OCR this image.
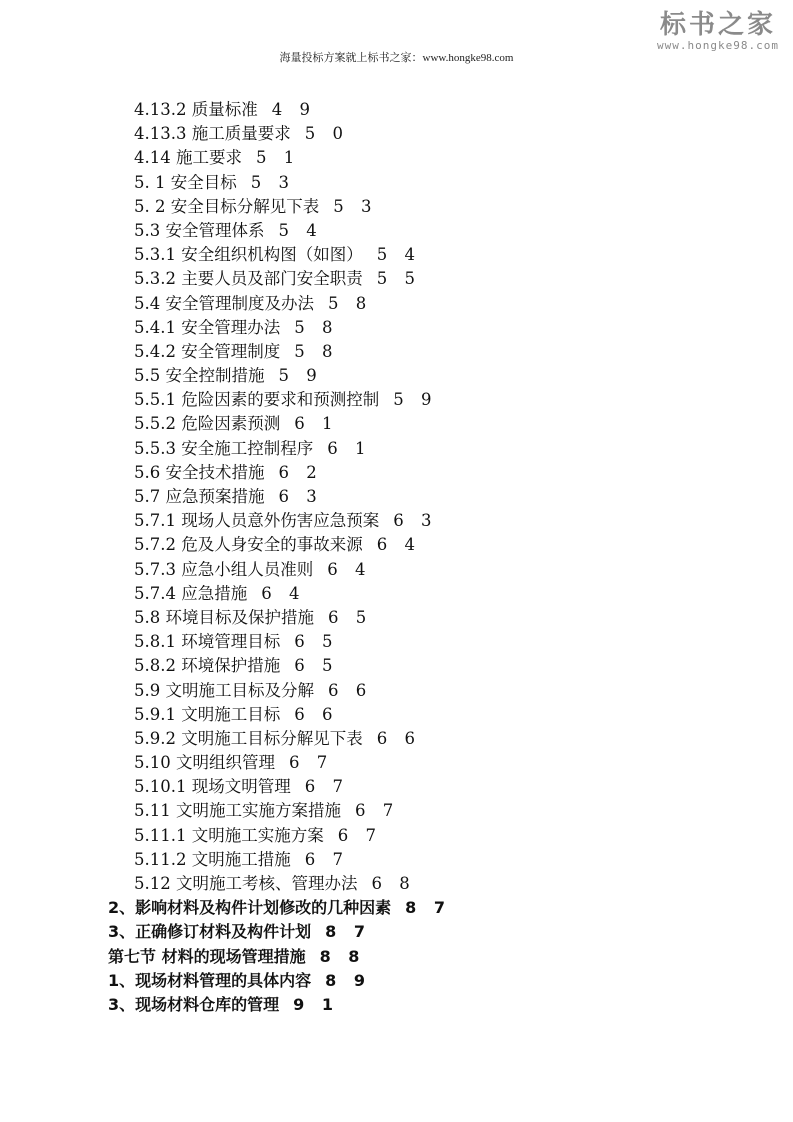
标书之家
www.hongke98.com
海量投标方案就上标书之家：www.hongke98.com
4.13.2 质量标准 4 9
4.13.3 施工质量要求 5 0
4.14 施工要求 5 1
5. 1 安全目标 5 3
5. 2 安全目标分解见下表 5 3
5.3 安全管理体系 5 4
5.3.1 安全组织机构图（如图） 5 4
5.3.2 主要人员及部门安全职责 5 5
5.4 安全管理制度及办法 5 8
5.4.1 安全管理办法 5 8
5.4.2 安全管理制度 5 8
5.5 安全控制措施 5 9
5.5.1 危险因素的要求和预测控制 5 9
5.5.2 危险因素预测 6 1
5.5.3 安全施工控制程序 6 1
5.6 安全技术措施 6 2
5.7 应急预案措施 6 3
5.7.1 现场人员意外伤害应急预案 6 3
5.7.2 危及人身安全的事故来源 6 4
5.7.3 应急小组人员准则 6 4
5.7.4 应急措施 6 4
5.8 环境目标及保护措施 6 5
5.8.1 环境管理目标 6 5
5.8.2 环境保护措施 6 5
5.9 文明施工目标及分解 6 6
5.9.1 文明施工目标 6 6
5.9.2 文明施工目标分解见下表 6 6
5.10 文明组织管理 6 7
5.10.1 现场文明管理 6 7
5.11 文明施工实施方案措施 6 7
5.11.1 文明施工实施方案 6 7
5.11.2 文明施工措施 6 7
5.12 文明施工考核、管理办法 6 8
2、影响材料及构件计划修改的几种因素 8 7
3、正确修订材料及构件计划 8 7
第七节 材料的现场管理措施 8 8
1、现场材料管理的具体内容 8 9
3、现场材料仓库的管理 9 1
